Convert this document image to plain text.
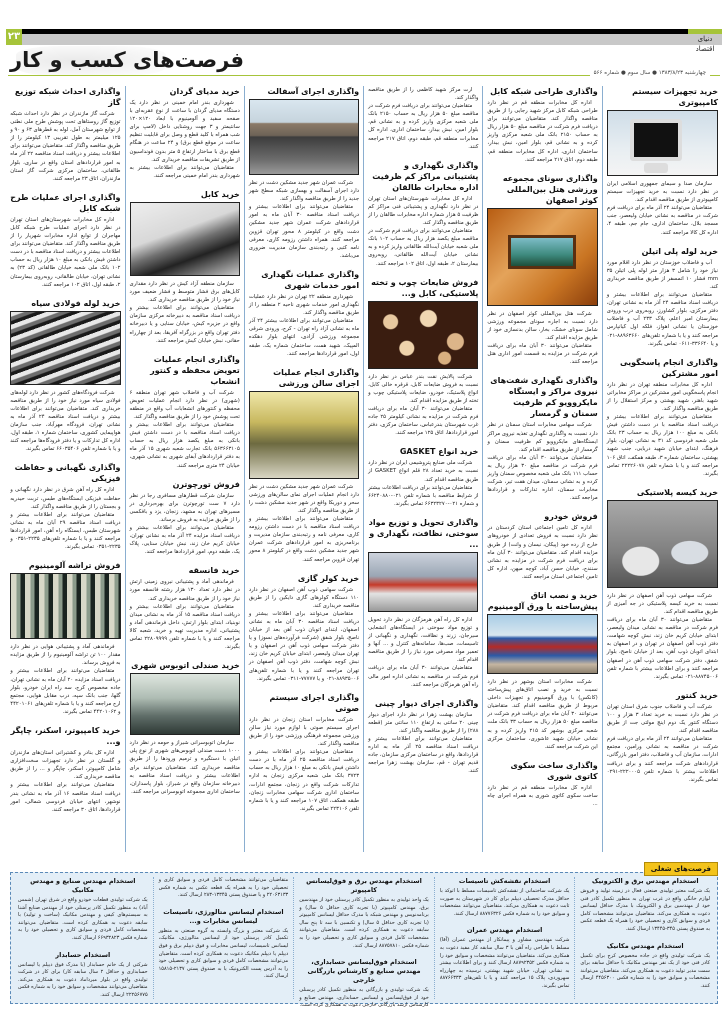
دنیای اقتصاد
۲۳
فرصت‌های کسب و کار
چهارشنبه ۱۳۸۳/۸/۲۳ ● سال سوم ● شماره ۵۶۶
خرید تجهیزات سیستم کامپیوتری

سازمان صدا و سیمای جمهوری اسلامی ایران در نظر دارد نسبت به خرید تجهیزات سیستم کامپیوتری از طریق مناقصه اقدام کند.

متقاضیان می‌توانند ۲۴ آذر ماه برای دریافت فرم شرکت در مناقصه به نشانی خیابان ولیعصر، جنب مسجد بلال، ساختمان اداری، جام جم، طبقه ۴، اداره کل کالا مراجعه کنند.

خرید لوله پلی اتیلن

آب و فاضلاب خوزستان در نظر دارد اقلام مورد نیاز خود را شامل ۳ هزار متر لوله پلی اتیلن ۳۵ mm فشار ۱۰ اتمسفر از طریق مناقصه خریداری کند.

متقاضیان می‌توانند برای اطلاعات بیشتر و دریافت اسناد مناقصه ۲۴ آذر ماه به نشانی تهران، دفتر مرکزی، بلوار کشاورز، روبه‌روی درب ورودی بیمارستان امیر اعلم، پلاک ۲۳۳ آب و فاضلاب خوزستان یا نشانی اهواز، فلکه اول کیانپارس مراجعه کنند و یا با شماره تلفن‌های ۸۸۹۶۳۶۶۰-۰۲۱ و یا ۳۳۶۶۴۰-۰۶۱۱ تماس بگیرند.

واگذاری انجام پاسخگویی امور مشترکین

اداره کل مخابرات منطقه تهران در نظر دارد انجام پاسخگویی امور مشترکین در مراکز مخابراتی شهید باهنر، شهید بهشتی و مرکز استقلال را از طریق مناقصه واگذار کند.

متقاضیان می‌توانند برای اطلاعات بیشتر و دریافت اسناد مناقصه با در دست داشتن فیش بانکی به مبلغ ۱۰۰ هزار ریال به حساب ۲۳ بانک ملی شعبه فردوسی کد ۳۱ به نشانی تهران، بلوار فرهنگ، ابتدای خیابان شهید دریایی، جنب شهید بهشتی، ساختمان شماره ۳، طبقه همکف، اتاق ۱۰۶ مراجعه کنند و یا با شماره تلفن ۲۲۲۲۶۰۷۸ تماس بگیرند.

خرید کیسه پلاستیکی

شرکت سهامی ذوب آهن اصفهان در نظر دارد نسبت به خرید کیسه پلاستیکی در جه آمیزی از طریق مناقصه اقدام کند.

متقاضیان می‌توانند ۳۰ آبان ماه برای دریافت فرم شرکت در مناقصه به نشانی میدان ولیعصر، ابتدای خیابان کریم خان زند، نبش کوچه شهامت، دفتر ذوب آهن اصفهان در تهران و در اصفهان به ابتدای اتوبان ذوب آهن، بعد از خیابان ناصح، بلوار شفق، دفتر شرکت سهامی ذوب آهن در اصفهان مراجعه کنند و برای اطلاعات بیشتر با شماره تلفن ۸۸۷۴۵۰۰۶-۰۲۱ تماس بگیرند.

خرید کنتور

شرکت آب و فاضلاب جنوب شرق استان تهران در نظر دارد نسبت به خرید تعداد ۳ هزار و ۱۰۰ دستگاه کنتور یک دوم اینچ مولتی جت از طریق مناقصه اقدام کند.

متقاضیان می‌توانند ۲۴ آذر ماه برای دریافت فرم شرکت در مناقصه به نشانی ورامین، مجتمع ادارات، سازمان آب و فاضلاب، دفتر امور بازرگانی، قراردادهای شرکت مراجعه کنند و برای دریافت اطلاعات بیشتر با شماره تلفن ۲۲۲۰۰۰۵-۰۲۹۱ تماس بگیرند.

واگذاری طراحی شبکه کابل

اداره کل مخابرات منطقه قم در نظر دارد طراحی شبکه کابل مرکز شهید رجایی را از طریق مناقصه واگذار کند. متقاضیان می‌توانند برای دریافت فرم شرکت در مناقصه مبلغ ۵۰ هزار ریال به حساب ۲۱۵۰ بانک ملی شعبه مرکزی واریز کرده و به نشانی قم، بلوار امین، نبش بیدار، ساختمان اداری، اداره کل مخابرات منطقه قم، طبقه دوم، اتاق ۲۱۷ مراجعه کنند.

واگذاری سونای مجموعه ورزشی هتل بین‌المللی کوثر اصفهان

شرکت هتل بین‌المللی کوثر اصفهان در نظر دارد نسبت به اجاره سونای مجموعه ورزشی شامل سونای خشک، بخار، سالن بدنسازی خود از طریق مزایده اقدام کند.

متقاضیان می‌توانند ۳۰ آبان ماه برای دریافت فرم شرکت در مزایده به قسمت امور اداری هتل مراجعه کنند.

واگذاری نگهداری شفت‌های نیروی مراکز و ایستگاه مایکروویو کم ظرفیت سمنان و گرمسار

شرکت سهامی مخابرات استان سمنان در نظر دارد نسبت به واگذاری نگهداری تغذیه نیروی مراکز ایستگاه‌های مایکروویو کم ظرفیت سمنان و گرمسار از طریق مناقصه اقدام کند.

متقاضیان می‌توانند ۳۰ آبان ماه برای دریافت فرم شرکت در مناقصه مبلغ ۳۰ هزار ریال به حساب ۱۱۱ بانک ملی شعبه مخصوص سمنان واریز کرده و به نشانی سمنان، میدان هفت تیر، شرکت مخابرات سمنان، اداره تدارکات و قراردادها مراجعه کنند.

فروش خودرو

اداره کل تامین اجتماعی استان کردستان در نظر دارد نسبت به فروش تعدادی از خودروهای خارج از رده خود (پیکان، نیسان و وانت) از طریق مزایده اقدام کند. متقاضیان می‌توانند ۳۰ آبان ماه برای دریافت فرم شرکت در مزایده به نشانی سنندج، خیابان حسن آباد، کوچه میهن، اداره کل تامین اجتماعی استان مراجعه کنند.

خرید و نصب اتاق پیش‌ساخته با ورق آلومینیوم

شرکت مخابرات استان بوشهر در نظر دارد نسبت به خرید و نصب اتاق‌های پیش‌ساخته (کانکس) با ورق آلومینیوم و تجهیزات داخلی مربوط از طریق مناقصه اقدام کند. متقاضیان می‌توانند ۳۰ آبان ماه برای دریافت فرم شرکت در مناقصه مبلغ ۵۰ هزار ریال به حساب ۳۳ بانک ملت شعبه مرکزی بوشهر کد ۲۱۵ واریز کرده و به نشانی خیابان شهید عاشوری، ساختمان مرکزی این شرکت مراجعه کنند.

واگذاری ساخت سکوی کاتوی شوری

اداره کل مخابرات منطقه قم در نظر دارد ساخت سکوی کاتوی شوری به همراه اجرای چاه ...

ارت مرکز شهید کاظمی را از طریق مناقصه واگذار کند.

متقاضیان می‌توانند برای دریافت فرم شرکت در مناقصه مبلغ ۵۰ هزار ریال به حساب ۲۱۵۰ بانک ملی شعبه مرکزی واریز کرده و به نشانی قم، بلوار امین، نبش بیدار، ساختمان اداری، اداره کل مخابرات منطقه قم، طبقه دوم، اتاق ۲۱۷ مراجعه کنند.

واگذاری نگهداری و پشتیبانی مراکز کم ظرفیت اداره مخابرات طالقان

اداره کل مخابرات شهرستان‌های استان تهران در نظر دارد نگهداری و پشتیبانی فنی مراکز کم ظرفیت ۵ هزار شماره اداره مخابرات طالقان را از طریق مناقصه واگذار کند.

متقاضیان می‌توانند برای دریافت فرم شرکت در مناقصه مبلغ یکصد هزار ریال به حساب ۱۰۲ بانک ملی شعبه خیابان آیت‌الله طالقانی واریز کرده و به نشانی خیابان آیت‌الله طالقانی، روبه‌روی بیمارستان ۲، طبقه اول، اتاق ۱۰۲ مراجعه کنند.

فروش ضایعات چوب و تخته پلاستیکی، کابل و...

شرکت پالایش نفت بندر عباس در نظر دارد نسبت به فروش ضایعات کابل، قرقره خالی کابل، انواع پلاستیک، خودرو، ضایعات پلاستیکی چوب و تخته از طریق مزایده اقدام کند.

متقاضیان می‌توانند ۳۰ آبان ماه برای دریافت فرم شرکت در مزایده به نشانی کیلومتر ۲۵ جاده غرب شهرستان بندرعباس، ساختمان مرکزی، دفتر امور قراردادها، اتاق ۱۲۵ مراجعه کنند.

خرید انواع GASKET

شرکت ملی صنایع پتروشیمی ایران در نظر دارد نسبت به خرید تعداد ۲۸ قلم انواع GASKET از طریق مناقصه اقدام کند.

متقاضیان می‌توانند برای دریافت اطلاعات بیشتر از شرایط مناقصه با شماره تلفن ۰۲۱-۶۶۲۴۰۸۸۰ و شماره ۰۲۱-۶۶۳۲۳۲۷۰ تماس بگیرند.

واگذاری تحویل و توزیع مواد سوختی، نظافت، نگهداری و ...

اداره کل راه آهن هرمزگان در نظر دارد تحویل و توزیع مواد سوختی در ایستگاه‌های انشعابی سیرجان، زرند و نظافت، نگهداری و نگهبانی از تاسیسات، صب‌ها، سامانه‌های کنترل و ... آنها و تعمیر مواد مصرفی مورد نیاز را از طریق مناقصه اقدام کند.

متقاضیان می‌توانند ۳۰ آبان ماه برای دریافت فرم شرکت در مناقصه به نشانی اداره امور مالی راه آهن هرمزگان مراجعه کنند.

واگذاری اجرای دیوار چینی

سازمان بهشت زهرا در نظر دارد اجرای دیوار چینی ۲۰ سانتی به ارتفاع ۱۱۰ سانتی متر (قطعه ۲۸۸) را از طریق مناقصه واگذار کند.

متقاضیان می‌توانند برای اطلاعات بیشتر و دریافت اسناد مناقصه ۲۵ آذر ماه به اداره قراردادها، واقع در ساختمان مرکزی سازمان، جاده قدیم تهران - قم، سازمان بهشت زهرا مراجعه کنند.

واگذاری اجرای آسفالت

شرکت عمران شهر جدید مشکین دشت در نظر دارد اجرای آسفالت و بهسازی شبکه سطح شهر جدید را از طریق مناقصه واگذار کند.

متقاضیان می‌توانند برای اطلاعات بیشتر و دریافت اسناد مناقصه ۳۰ آبان ماه به امور قراردادهای شرکت عمران شهر جدید مشکین دشت واقع در کیلومتر ۸ محور تهران قزوین مراجعه کنند. همراه داشتن رزومه کاری، معرفی نامه کتبی و رتبه‌بندی سازمان مدیریت ضروری می‌باشد.

واگذاری عملیات نگهداری امور خدمات شهری

شهرداری منطقه ۲۲ تهران در نظر دارد عملیات نگهداری امور خدمات شهری ناحیه ۲ منطقه را از طریق مناقصه واگذار کند.

متقاضیان می‌توانند برای اطلاعات بیشتر ۲۴ آذر ماه به نشانی آزاد راه تهران - کرج، ورودی شرقی مجموعه ورزشی آزادی، انتهای بلوار دهکده المپیک، شهید همت، ساختمان شماره یک، طبقه اول، امور قراردادها مراجعه کنند.

واگذاری انجام عملیات اجرای سالن ورزشی

شرکت عمران شهر جدید مشکین دشت در نظر دارد انجام عملیات اجرای نمای سالن‌های ورزشی سحر و دوریکا واقع در شهر جدید مشکین دشت را از طریق مناقصه واگذار کند.

متقاضیان می‌توانند برای اطلاعات بیشتر و دریافت اسناد مناقصه با در دست داشتن رزومه کاری، معرفی نامه و رتبه‌بندی سازمان مدیریت و برنامه‌ریزی به امور قراردادهای شرکت عمران شهر جدید مشکین دشت واقع در کیلومتر ۸ محور تهران قزوین مراجعه کنند.

خرید کولر گازی

شرکت سهامی ذوب آهن اصفهان در نظر دارد ۱۱۰ دستگاه کولرهای گازی دایکین را از طریق مناقصه خریداری کند.

متقاضیان می‌توانند برای اطلاعات بیشتر و دریافت اسناد مناقصه ۳۰ آبان ماه به نشانی اصفهان، ابتدای اتوبان ذوب آهن بعد از خیابان ناصح، بلوار شفق (شرکت فرآورده‌های نسوز) و یا دفتر شرکت سهامی ذوب آهن در اصفهان و یا تهران میدان ولیعصر، ابتدای خیابان کریم خان زند، نبش کوچه شهامت، دفتر ذوب آهن اصفهان در تهران مراجعه کنند و یا با شماره تلفن‌های ۸۸۹۳۵۰۰۶-۰۲۱ و یا ۷۷۷۷۷-۰۳۱۱ تماس بگیرند.

واگذاری اجرای سیستم صوتی

شرکت مخابرات استان زنجان در نظر دارد اجرای سیستم صوتی با لوازم مورد نیاز سالن ورزشی مجموعه فرهنگی ورزشی خود را از طریق مناقصه واگذار کند.

متقاضیان می‌توانند برای اطلاعات بیشتر و دریافت اسناد مناقصه ۲۵ آذر ماه با در دست داشتن فیش بانکی به مبلغ ۱۰ هزار ریال به حساب ۳۷۲۳ بانک ملی شعبه مرکزی زنجان به اداره تدارکات شرکت واقع در زنجان، مجتمع ادارات، ساختمان اداری شرکت سهامی مخابرات زنجان، طبقه همکف، اتاق ۱۰۷ مراجعه کنند و یا با شماره تلفن ۲۲۳۱۰۶ تماس بگیرند.

خرید مدیای گردان

شهرداری بندر امام خمینی در نظر دارد یک دستگاه مدیای گردان با ساعت از نوع عقربه‌ای با صفحه سفید و آلومینیوم با ابعاد ۱۲۰×۱۲۰ سانتیمتر و ۳ جهت روشنایی داخل (لامپ برای شب همراه با کلید قطع و وصل برای قابلیت تنظیم ساعت در موقع قطع برق) و ۲۴ ساعت در هنگام قطع برق با ساختار ارتفاع ۵ متر بدون فونداسیون از طریق تشریفات مناقصه خریداری کند.

متقاضیان می‌توانند برای اطلاعات بیشتر به شهرداری بندر امام خمینی مراجعه کنند.

خرید کابل

سازمان منطقه آزاد کیش در نظر دارد مقداری کابل‌های برق فشار متوسط و فشار ضعیف مورد نیاز خود را از طریق مناقصه خریداری کند.

متقاضیان می‌توانند برای اطلاعات بیشتر و دریافت اسناد مناقصه به دبیرخانه مرکزی سازمان واقع در جزیره کیش، خیابان سنایی و یا دبیرخانه دفتر تهران واقع در بزرگراه آفریقا، بعد از چهارراه حقانی، نبش خیابان کیش مراجعه کنند.

واگذاری انجام عملیات تعویض محفظه و کنتور انشعاب

شرکت آب و فاضلاب شهر تهران منطقه ۶ (شهری) در نظر دارد انجام عملیات تعویض محفظه و کنتورهای انشعابات آب واقع در منطقه تحت پوشش خود را از طریق مناقصه واگذار کند.

متقاضیان می‌توانند برای اطلاعات بیشتر و دریافت اسناد مناقصه با در دست داشتن فیش بانکی به مبلغ یکصد هزار ریال به حساب ۵۶۳۶۶۳۱۰۵ بانک تجارت شعبه شهری ۱۵ آذر ماه به دفتر قراردادهای آبفای شهری به نشانی شهری، خیابان ۲۴ متری مراجعه کنند.

فروش تورچوترن

سازمان شرکت قطارهای مسافری رجا در نظر دارد ۷ ست تورچوترن برای بهره‌برداری در مسیرهای تهران به مشهد، زنجان، یزد و بافکسی را از طریق مزایده به فروش برساند.

متقاضیان می‌توانند برای اطلاعات بیشتر و دریافت اسناد مزایده ۲۴ آذر ماه به نشانی تهران، خیابان کریم خان زند، نبش خیابان سنایی، پلاک یک، طبقه دوم، امور قراردادها مراجعه کنند.

خرید فانسقه

فرماندهی آماد و پشتیبانی نیروی زمینی ارتش در نظر دارد تعداد ۱۳۰ هزار رشته فانسقه مورد نیاز خود را از طریق مناقصه خریداری کند.

متقاضیان می‌توانند برای اطلاعات بیشتر و دریافت اسناد مناقصه ۱۵ آذر ماه به نشانی میدان نوبنیاد، ابتدای بلوار ارتش، داخل فرماندهی آماد و پشتیبانی، اداره مدیریت تهیه و خرید، شعبه کالا مراجعه کنند و یا با شماره تلفن ۲۲۸۰۹۹۹۹ تماس بگیرند.

خرید صندلی اتوبوس شهری

سازمان اتوبوسرانی شیراز و حومه در نظر دارد ۱۰۰۰ دست صندلی اتوبوس‌های شهری از نوع پلی اتیلن با دستگیره و ترمیم ورودها را از طریق مناقصه خریداری کند. متقاضیان می‌توانند برای اطلاعات بیشتر و دریافت اسناد مناقصه به دبیرخانه سازمان واقع در شیراز، بلوار پاسداران، ساختمان اداری مجموعه اتوبوسرانی مراجعه کنند.

واگذاری احداث شبکه توزیع گاز

شرکت گاز مازندران در نظر دارد احداث شبکه توزیع گاز روستاهای تحت پوشش طرح ملی نطنی از توابع شهرستان آمل، لوله به قطرهای ۶۳ و ۹۰ و ۱۲۵ میلیمتر به طول تقریبی ۱۳ کیلومتر را از طریق مناقصه واگذار کند. متقاضیان می‌توانند برای اطلاعات بیشتر و دریافت اسناد مناقصه ۲۲ آذر ماه به امور قراردادهای استان واقع در ساری، بلوار طالقانی، ساختمان مرکزی شرکت گاز استان مازندران، اتاق ۲۳ مراجعه کنند.

واگذاری اجرای عملیات طرح شبکه کابل

اداره کل مخابرات شهرستان‌های استان تهران در نظر دارد اجرای عملیات طرح شبکه کابل مهاجران از توابع اداره مخابرات شهریار را از طریق مناقصه واگذار کند. متقاضیان می‌توانند برای اطلاعات بیشتر و دریافت اسناد مناقصه با در دست داشتن فیش بانکی به مبلغ ۱۰ هزار ریال به حساب ۱۰۲ بانک ملی شعبه خیابان طالقانی (کد ۲۳) به نشانی تهران، خیابان طالقانی، روبه‌روی بیمارستان ۲، طبقه اول، اتاق ۱۰۲ مراجعه کنند.

خرید لوله فولادی سیاه

شرکت فرودگاه‌های کشور در نظر دارد لوله‌های فولادی سیاه مورد نیاز خود را از طریق مناقصه خریداری کند. متقاضیان می‌توانند برای اطلاعات بیشتر و دریافت اسناد مناقصه ۲۴ آذر ماه به نشانی تهران، فرودگاه مهرآباد، جنب سازمان هواپیمایی کشوری، ساختمان شماره ۱، طبقه اول، اداره کل تدارکات و یا دفتر فرودگاه‌ها مراجعه کنند و یا با شماره تلفن ۶۶۰۳۵۴۰۶ تماس بگیرند.

واگذاری نگهبانی و حفاظت فیزیکی

اداره کل راه آهن شرق در نظر دارد نگهبانی و حفاظت فیزیکی ایستگاه‌های طبس، تربت حیدریه و بجستان را از طریق مناقصه واگذار کند.

متقاضیان می‌توانند برای اطلاعات بیشتر و دریافت اسناد مناقصه ۲۹ آبان ماه به نشانی شهرستان طبس، ایستگاه راه آهن، امور قراردادها مراجعه کنند و یا با شماره تلفن‌های ۲۲۳۵-۰۳۵۱ و ۲۲۳۵-۰۳۵۱ تماس بگیرند.

فروش تراشه آلومینیوم

فرماندهی آماد و پشتیبانی هوایی در نظر دارد مقدار ۱۰۰ تن تراشه آلومینیوم را از طریق مزایده به فروش برساند.

متقاضیان می‌توانند برای اطلاعات بیشتر و دریافت اسناد مزایده ۲۰ آبان ماه به نشانی تهران، جاده مخصوص کرج، سه راه ایران خودرو، بلوار گلها، جنب بانک سپه، درب مقابل هوایی، مجتمع ارج مراجعه کنند و یا با شماره تلفن‌های ۴۴۲۰۱۰۶۱ و ۴۴۲۰۱۰۶۲ تماس بگیرند.

خرید کامپیوتر، اسکنر، چاپگر و...

اداره کل بنادر و کشتیرانی استان‌های مازندران و گلستان در نظر دارد تجهیزات سخت‌افزاری شامل کامپیوتر، اسکنر، چاپگر و ... را از طریق مناقصه خریداری کند.

متقاضیان می‌توانند برای اطلاعات بیشتر و دریافت اسناد مناقصه ۱۶ آذر ماه به نشانی بندر نوشهر، انتهای خیابان فردوسی شمالی، امور قراردادها، اتاق ۳۰ مراجعه کنند.

فرصت‌های شغلی
استخدام مهندس برق و الکترونیک
یک شرکت معتبر تولیدی صنعتی فعال در زمینه تولید و فروش لوازم خانگی واقع در غرب تهران به منظور تکمیل کادر فنی خود از مهندسین برق و الکترونیک با مدرک حداقل لیسانس دعوت به همکاری می‌کند. متقاضیان می‌توانند مشخصات کامل فردی و سوابق کاری و تحصیلی خود را همراه یک قطعه عکس به صندوق پستی ۳۴۵-۱۳۴۴۵ ارسال کنند.
استخدام مهندس مکانیک
یک شرکت تولیدی واقع در جاده مخصوص کرج برای تکمیل کادر فنی خود از یک نفر مهندس مکانیک با حداقل سابقه برای سمت مدیر تولید دعوت به همکاری می‌کند. متقاضیان می‌توانند مشخصات و سوابق خود را به شماره فکس ۴۴۵۶۳۰۰ ارسال کنند.
استخدام نقشه‌کش تاسیسات
یک شرکت ساختمانی از نقشه‌کش تاسیسات مسلط با اتوکد با حداقل مدرک تحصیلی دیپلم برای کار در شهرستان به صورت ثابت دعوت به همکاری می‌کند. متقاضیان می‌توانند مشخصات و سوابق خود را به شماره فکس ۸۸۷۷۶۳۲۶ ارسال کنند.
استخدام مهندس عمران
شرکت مهندسی مشاور و پیمانکار از مهندس عمران (آقا) مسلط با طراحی راه آهن با ۳ سال سابقه کار مفید دعوت به همکاری می‌کند. متقاضیان می‌توانند مشخصات و سوابق خود را به شماره فکس ۸۸۷۹۲۳۵۲ ارسال کنند و برای اطلاعات بیشتر به نشانی تهران، خیابان شهید بهشتی، نرسیده به چهارراه سهروردی، پلاک ۱۵ مراجعه کنند و یا با تلفن‌های ۸۸۷۶۶۳۳۳ تماس بگیرند.
استخدام مهندس برق و فوق‌لیسانس کامپیوتر
یک واحد تولیدی به منظور تکمیل کادر پرسنلی خود از مهندسین برق، مهندس کامپیوتر (با تجربه کاری حداقل ۵ سال) و برنامه‌نویس و مهندس شبکه با مدرک حداقل لیسانس کامپیوتر (با تجربه کاری حداقل ۵ سال) و تکنسین با سه تا پنج سال سابقه دعوت به همکاری کرده است. متقاضیان می‌توانند مشخصات کامل فردی و سوابق کاری و تحصیلی خود را به شماره فکس ۸۸۷۵۷۸۱۰ ارسال کنند.
استخدام فوق‌لیسانس حسابداری، مهندس صنایع و کارشناس بازرگانی خارجی
یک شرکت تولیدی و بازرگانی به منظور تکمیل کادر پرسنلی خود از فوق‌لیسانس و لیسانس حسابداری، مهندس صنایع و کارشناس ارشد بازرگانی خارجی دعوت به همکاری کرده است.
متقاضیان می‌توانند مشخصات کامل فردی و سوابق کاری و تحصیلی خود را به همراه یک قطعه عکس به شماره فکس ۲۲۰۶۳۱۳۳ و یا صندوق پستی ۱۳۳۴۵-۲۸۳ ارسال کنند.
استخدام لیسانس متالورژی، تاسیسات لیسانس مخابرات و...
یک شرکت معتبر و بزرگ وابسته به گروه صنعتی به منظور تکمیل کادر پرسنلی خود از لیسانس متالورژی، مکانیک، لیسانس تاسیسات، لیسانس مخابرات و فوق دیپلم برق و فوق دیپلم یا دیپلم مکانیک دعوت به همکاری کرده است. متقاضیان می‌توانند مشخصات کامل فردی و سوابق کاری و تحصیلی خود را به آدرس پست الکترونیک یا به صندوق پستی ۲۱۳۷-۱۵۸۱۵ ارسال کنند.
استخدام مهندس صنایع و مهندس مکانیک
یک شرکت تولیدی قطعات خودرو واقع در شرق تهران (شمس آباد) به منظور تکمیل کادر پرسنلی خود از مهندس صنایع آشنا به سیستم‌های کیفی و مهندس مکانیک (ساخت و تولید) با سابقه دعوت به همکاری کرده است. متقاضیان می‌توانند مشخصات کامل فردی و سوابق کاری و تحصیلی خود را به شماره فکس ۶۶۹۳۲۸۲۳ ارسال کنند.
استخدام حسابدار
شرکتی از یک خانم حسابدار (با مدرک فوق دیپلم یا لیسانس حسابداری و حداقل ۲ سال سابقه کار) برای کار در شرکت تولیدی واقع در بلوار میرداماد دعوت به همکاری می‌کند. متقاضیان می‌توانند مشخصات و سوابق خود را به شماره فکس ۲۲۲۵۶۷۷۵ ارسال کنند.
